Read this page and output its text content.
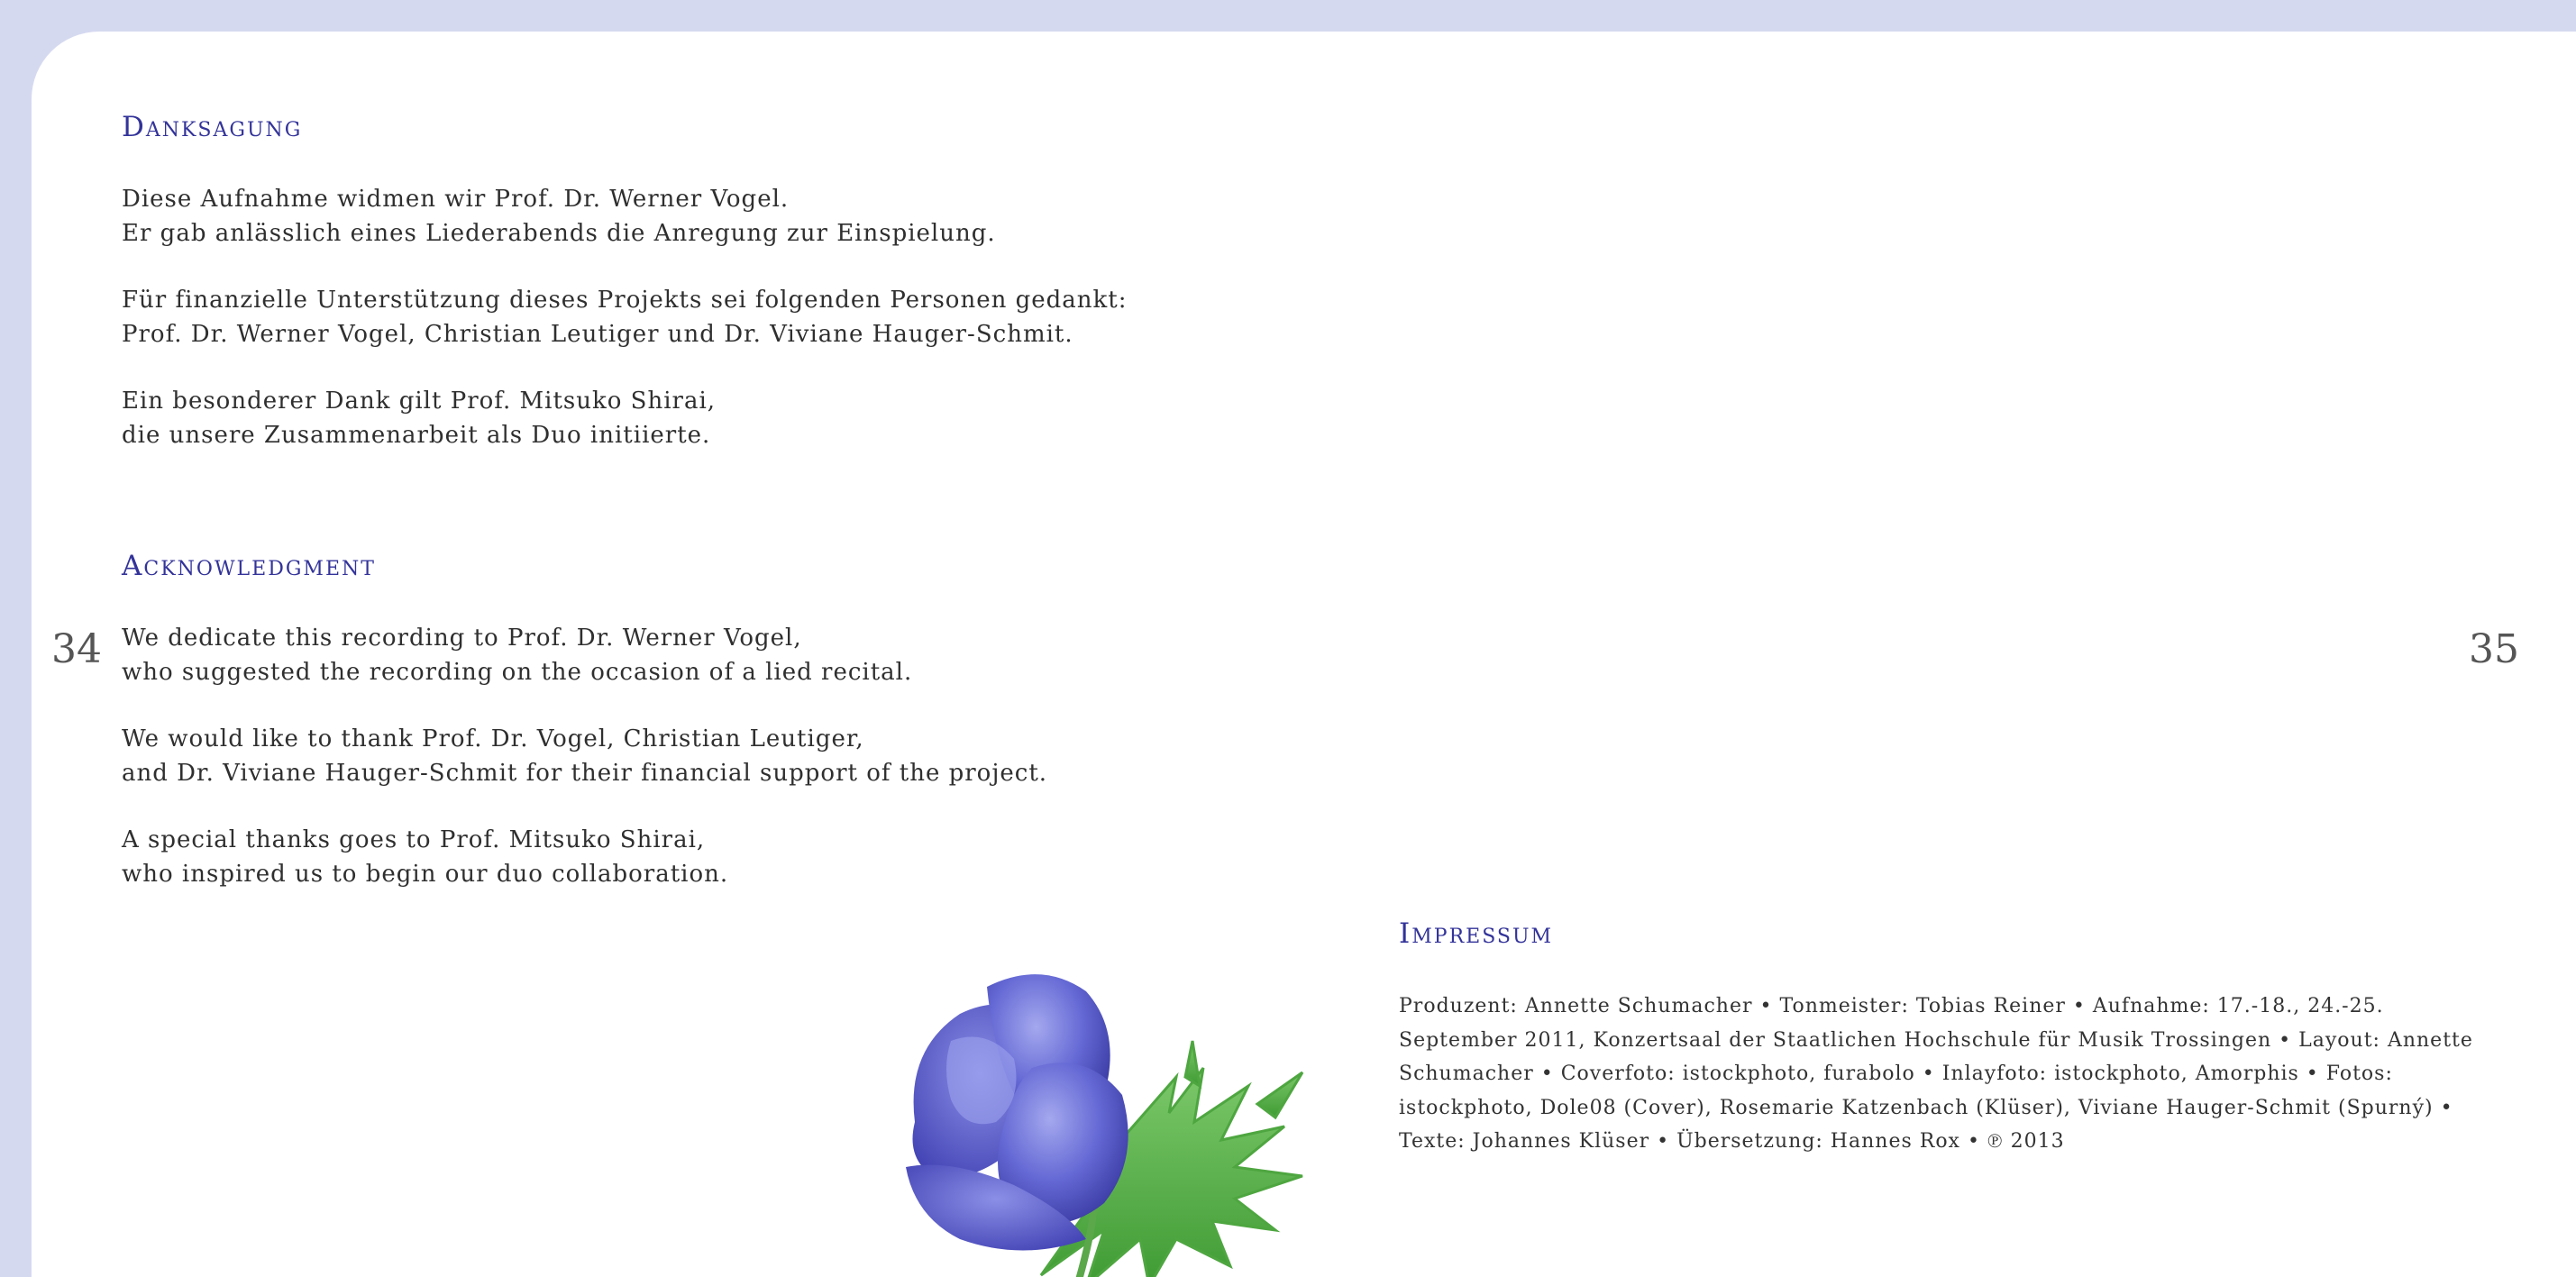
Danksagung

Diese Aufnahme widmen wir Prof. Dr. Werner Vogel.
Er gab anlässlich eines Liederabends die Anregung zur Einspielung.

Für finanzielle Unterstützung dieses Projekts sei folgenden Personen gedankt:
Prof. Dr. Werner Vogel, Christian Leutiger und Dr. Viviane Hauger-Schmit.

Ein besonderer Dank gilt Prof. Mitsuko Shirai,
die unsere Zusammenarbeit als Duo initiierte.

Acknowledgment

We dedicate this recording to Prof. Dr. Werner Vogel,
who suggested the recording on the occasion of a lied recital.

We would like to thank Prof. Dr. Vogel, Christian Leutiger,
and Dr. Viviane Hauger-Schmit for their financial support of the project.

A special thanks goes to Prof. Mitsuko Shirai,
who inspired us to begin our duo collaboration.

34	35
Impressum

Produzent: Annette Schumacher • Tonmeister: Tobias Reiner • Aufnahme: 17.-18., 24.-25. September 2011, Konzertsaal der Staatlichen Hochschule für Musik Trossingen • Layout: Annette Schumacher • Coverfoto: istockphoto, furabolo • Inlayfoto: istockphoto, Amorphis • Fotos: istockphoto, Dole08 (Cover), Rosemarie Katzenbach (Klüser), Viviane Hauger-Schmit (Spurný) • Texte: Johannes Klüser • Übersetzung: Hannes Rox • ℗ 2013
